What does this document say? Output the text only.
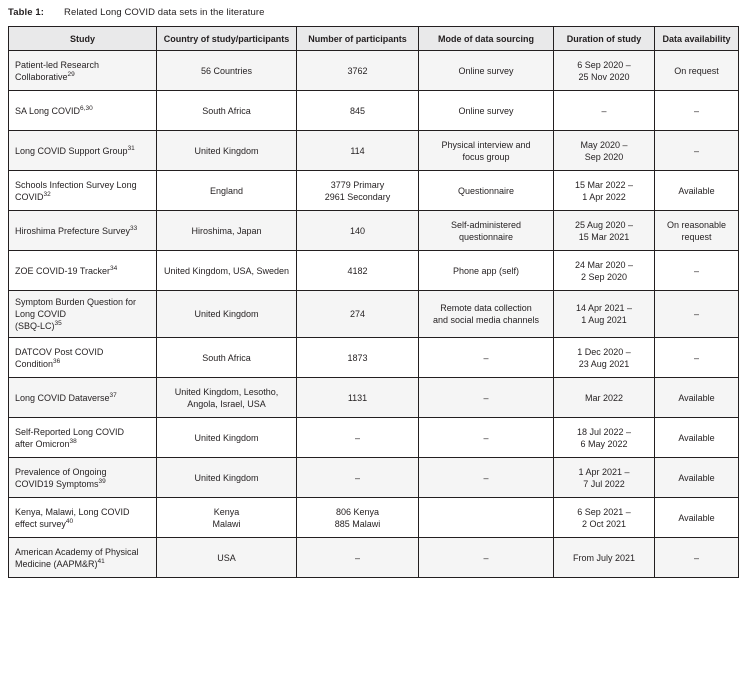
Table 1: Related Long COVID data sets in the literature
Study	Country of study/participants	Number of participants	Mode of data sourcing	Duration of study	Data availability

Patient-led Research
Collaborative$^{29}$	56 Countries	3762	Online survey	6 Sep 2020 –
25 Nov 2020	On request

SA Long COVID$^{6,30}$	South Africa	845	Online survey	–	–

Long COVID Support Group$^{31}$	United Kingdom	114	Physical interview and
focus group	May 2020 –
Sep 2020	–

Schools Infection Survey Long
COVID$^{32}$	England	3779 Primary
2961 Secondary	Questionnaire	15 Mar 2022 –
1 Apr 2022	Available

Hiroshima Prefecture Survey$^{33}$	Hiroshima, Japan	140	Self-administered
questionnaire	25 Aug 2020 –
15 Mar 2021	On reasonable
request

ZOE COVID-19 Tracker$^{34}$	United Kingdom, USA, Sweden	4182	Phone app (self)	24 Mar 2020 –
2 Sep 2020	–

Symptom Burden Question for
Long COVID
$(SBQ-LC)^{35}$	United Kingdom	274	Remote data collection
and social media channels	14 Apr 2021 –
1 Aug 2021	–

DATCOV Post COVID
Condition$^{36}$	South Africa	1873	–	1 Dec 2020 –
23 Aug 2021	–

Long COVID Dataverse$^{37}$	United Kingdom, Lesotho,
Angola, Israel, USA	1131	–	Mar 2022	Available

Self-Reported Long COVID
after Omicron$^{38}$	United Kingdom	–	–	18 Jul 2022 –
6 May 2022	Available

Prevalence of Ongoing
COVID19 Symptoms$^{39}$	United Kingdom	–	–	1 Apr 2021 –
7 Jul 2022	Available

Kenya, Malawi, Long COVID
effect survey$^{40}$	Kenya
Malawi	806 Kenya
885 Malawi		6 Sep 2021 –
2 Oct 2021	Available

American Academy of Physical
Medicine (AAPM&R)$^{41}$	USA	–	–	From July 2021	–
